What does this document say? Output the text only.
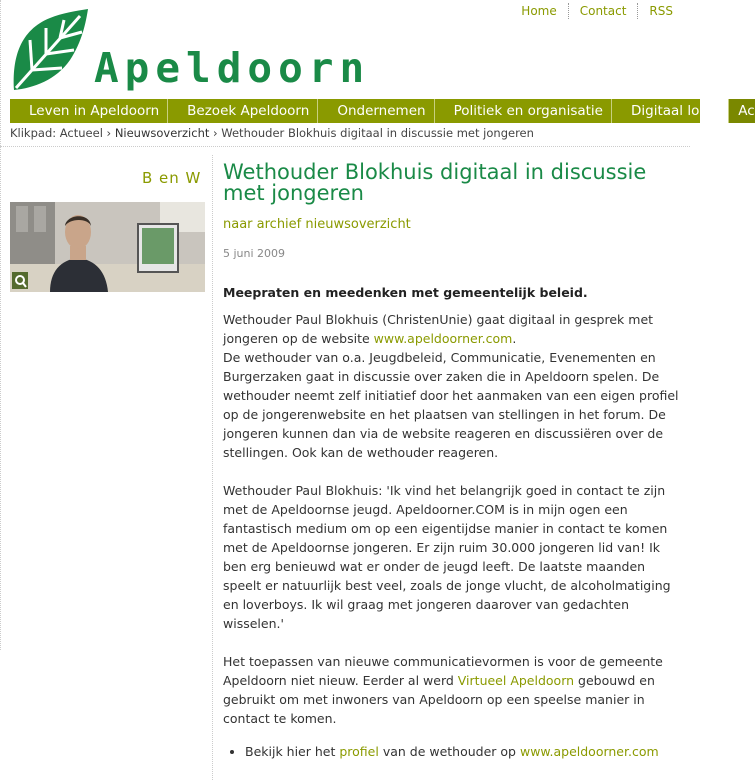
Home	Contact	RSS
Apeldoorn
Leven in Apeldoorn	Bezoek Apeldoorn	Ondernemen	Politiek en organisatie	Digitaal loket	Ac
Klikpad: Actueel › Nieuwsoverzicht › Wethouder Blokhuis digitaal in discussie met jongeren
B en W Wethouder Blokhuis digitaal in discussie met jongeren
naar archief nieuwsoverzicht
5 juni 2009
Meepraten en meedenken met gemeentelijk beleid.

Wethouder Paul Blokhuis (ChristenUnie) gaat digitaal in gesprek met jongeren op de website www.apeldoorner.com.
De wethouder van o.a. Jeugdbeleid, Communicatie, Evenementen en Burgerzaken gaat in discussie over zaken die in Apeldoorn spelen. De wethouder neemt zelf initiatief door het aanmaken van een eigen profiel op de jongerenwebsite en het plaatsen van stellingen in het forum. De jongeren kunnen dan via de website reageren en discussiëren over de stellingen. Ook kan de wethouder reageren.

Wethouder Paul Blokhuis: 'Ik vind het belangrijk goed in contact te zijn met de Apeldoornse jeugd. Apeldoorner.COM is in mijn ogen een fantastisch medium om op een eigentijdse manier in contact te komen met de Apeldoornse jongeren. Er zijn ruim 30.000 jongeren lid van! Ik ben erg benieuwd wat er onder de jeugd leeft. De laatste maanden speelt er natuurlijk best veel, zoals de jonge vlucht, de alcoholmatiging en loverboys. Ik wil graag met jongeren daarover van gedachten wisselen.'

Het toepassen van nieuwe communicatievormen is voor de gemeente Apeldoorn niet nieuw. Eerder al werd Virtueel Apeldoorn gebouwd en gebruikt om met inwoners van Apeldoorn op een speelse manier in contact te komen.

• Bekijk hier het profiel van de wethouder op www.apeldoorner.com
